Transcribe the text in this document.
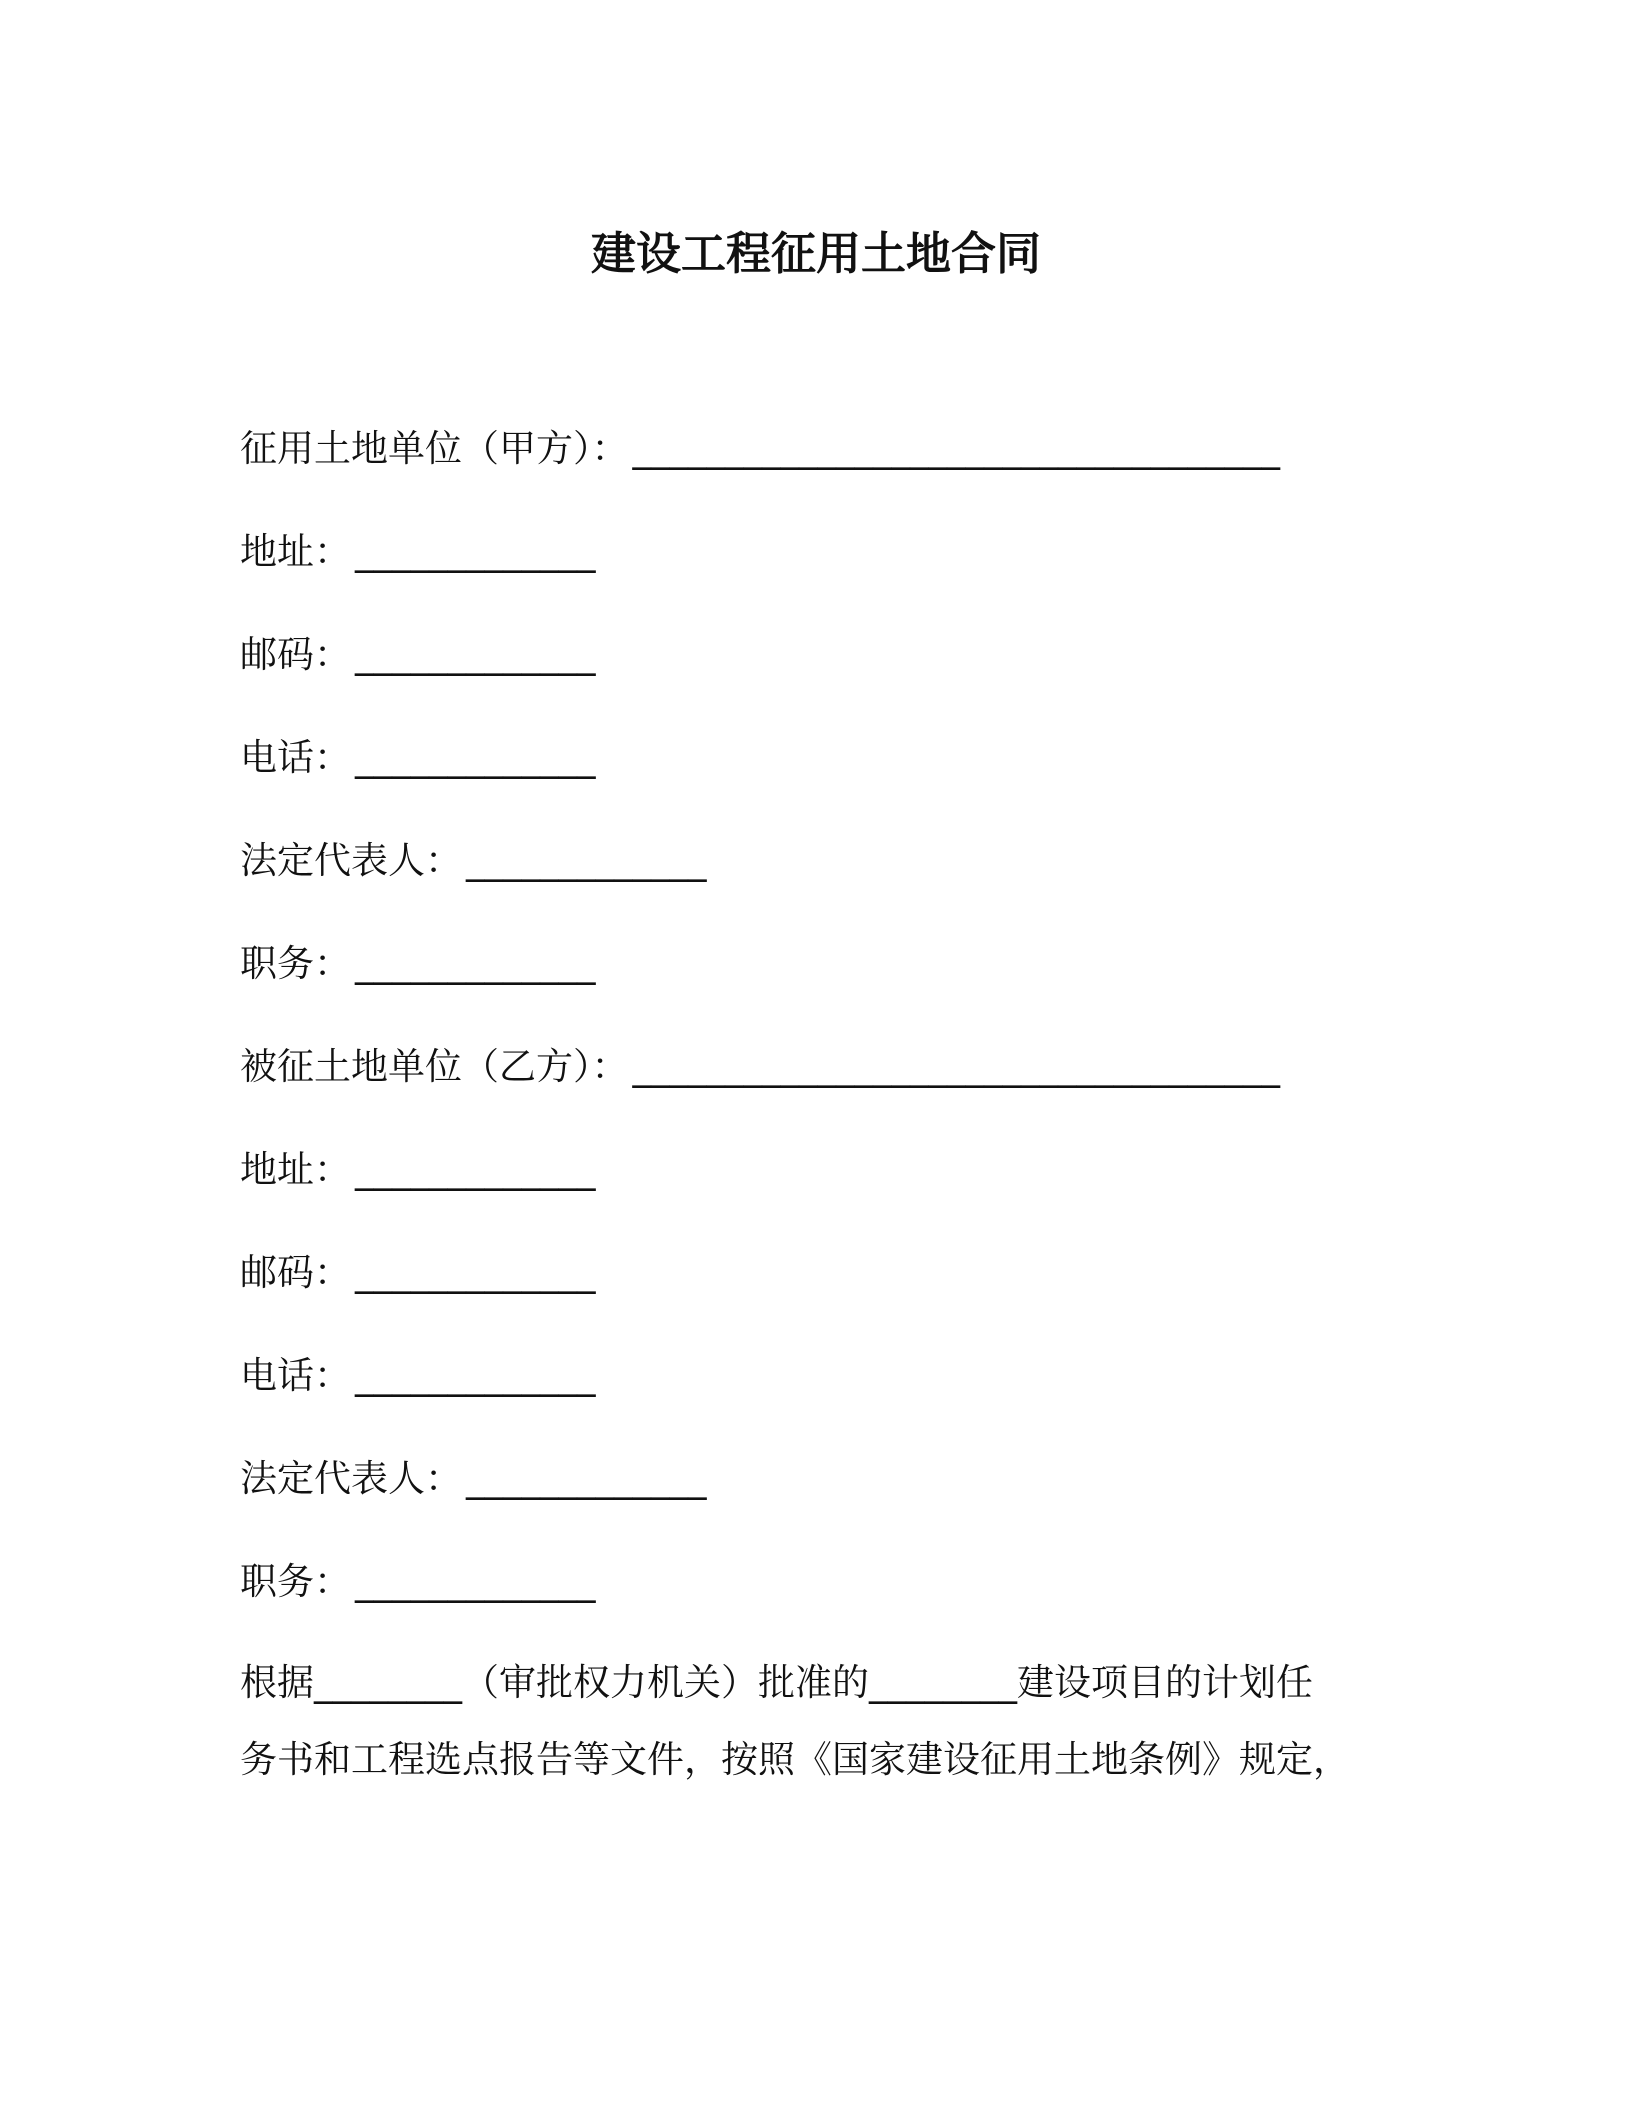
建设工程征用土地合同
征用土地单位（甲方）： ___________________________________
地址： _____________
邮码： _____________
电话： _____________
法定代表人： _____________
职务： _____________
被征土地单位（乙方）： ___________________________________
地址： _____________
邮码： _____________
电话： _____________
法定代表人： _____________
职务： _____________
根据________（审批权力机关）批准的________建设项目的计划任
务书和工程选点报告等文件，按照《国家建设征用土地条例》规定，
